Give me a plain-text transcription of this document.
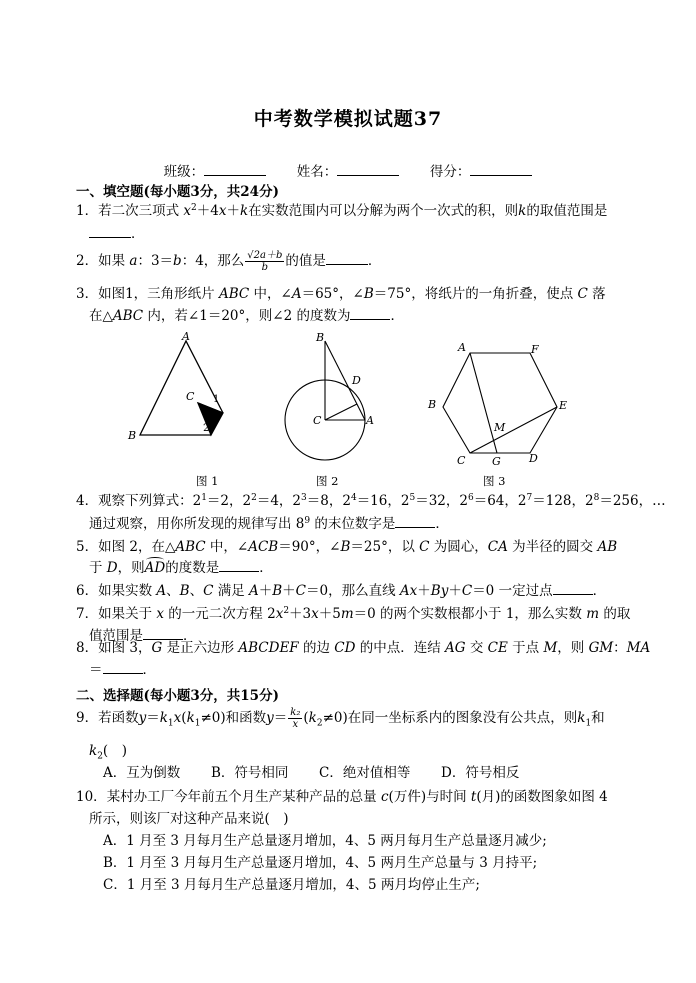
中考数学模拟试题37
班级：	姓名：	得分：
一、填空题(每小题3分，共24分)
1．若二次三项式 $x^2+4x+k$在实数范围内可以分解为两个一次式的积，则k的取值范围是
．
2．如果 a：3＝b：4，那么 $\frac{√2a+b}{b}$ 的值是	．
3．如图1，三角形纸片 ABC 中，∠A＝65°，∠B＝75°，将纸片的一角折叠，使点 C 落
在△ABC 内，若∠1＝20°，则∠2 的度数为	．
A
B
C 1
2
图 1
B
D
C	A
图 2
A	F
B	E
M
C G	D
图 3
4．观察下列算式：$2^1=2$，$2^2=4$，$2^3=8$，$2^4=16$，$2^5=32$，$2^6=64$，$2^7=128$，$2^8=256$，…
通过观察，用你所发现的规律写出 $8^9$ 的末位数字是	．
5．如图 2，在△ABC 中，∠ACB＝90°，∠B＝25°，以 C 为圆心，CA 为半径的圆交 AB
于 D，则
AD的度数是	．
6．如果实数 A、B、C 满足 A＋B＋C＝0，那么直线 Ax＋By＋C＝0 一定过点	．
7．如果关于 x 的一元二次方程 $2x^2+3x+5m=0$ 的两个实数根都小于 1，那么实数 m 的取
值范围是	．
8．如图 3，G 是正六边形 ABCDEF 的边 CD 的中点．连结 AG 交 CE 于点 M，则 GM：MA
＝	．
二、选择题(每小题3分，共15分)
9．若函数$y=k_1x(k_1\ne 0)$和函数$y= \frac{\text{k₂}}{x} (k_2\ne 0)$在同一坐标系内的图象没有公共点，则$k_1$和
$k_2$(　)
A．互为倒数 B．符号相同 C．绝对值相等 D．符号相反
10．某村办工厂今年前五个月生产某种产品的总量 c(万件)与时间 t(月)的函数图象如图 4
所示，则该厂对这种产品来说(　)
A．1 月至 3 月每月生产总量逐月增加，4、5 两月每月生产总量逐月减少;
B．1 月至 3 月每月生产总量逐月增加，4、5 两月生产总量与 3 月持平;
C．1 月至 3 月每月生产总量逐月增加，4、5 两月均停止生产;
